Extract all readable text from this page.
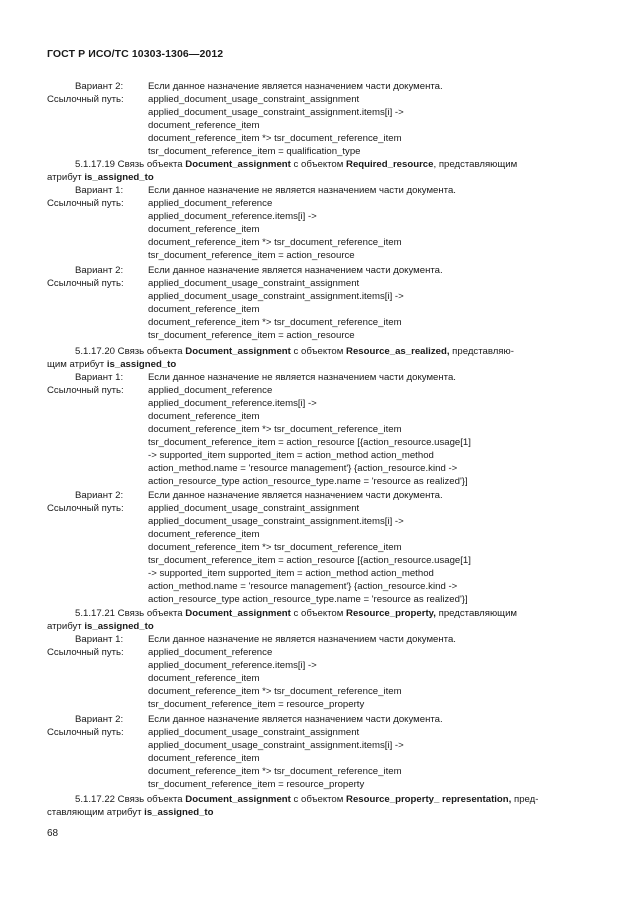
ГОСТ Р ИСО/ТС 10303-1306—2012
Вариант 2:	Если данное назначение является назначением части документа.
Ссылочный путь:	applied_document_usage_constraint_assignment
applied_document_usage_constraint_assignment.items[i] ->
document_reference_item
document_reference_item *> tsr_document_reference_item
tsr_document_reference_item = qualification_type
5.1.17.19 Связь объекта Document_assignment с объектом Required_resource, представляющим
атрибут is_assigned_to
Вариант 1:	Если данное назначение не является назначением части документа.
Ссылочный путь:	applied_document_reference
applied_document_reference.items[i] ->
document_reference_item
document_reference_item *> tsr_document_reference_item
tsr_document_reference_item = action_resource
Вариант 2:	Если данное назначение является назначением части документа.
Ссылочный путь:	applied_document_usage_constraint_assignment
applied_document_usage_constraint_assignment.items[i] ->
document_reference_item
document_reference_item *> tsr_document_reference_item
tsr_document_reference_item = action_resource
5.1.17.20 Связь объекта Document_assignment с объектом Resource_as_realized, представляю-
щим атрибут is_assigned_to
Вариант 1:	Если данное назначение не является назначением части документа.
Ссылочный путь:	applied_document_reference
applied_document_reference.items[i] ->
document_reference_item
document_reference_item *> tsr_document_reference_item
tsr_document_reference_item = action_resource [{action_resource.usage[1]
-> supported_item supported_item = action_method action_method
action_method.name = 'resource management'} {action_resource.kind ->
action_resource_type action_resource_type.name = 'resource as realized'}]
Вариант 2:	Если данное назначение является назначением части документа.
Ссылочный путь:	applied_document_usage_constraint_assignment
applied_document_usage_constraint_assignment.items[i] ->
document_reference_item
document_reference_item *> tsr_document_reference_item
tsr_document_reference_item = action_resource [{action_resource.usage[1]
-> supported_item supported_item = action_method action_method
action_method.name = 'resource management'} {action_resource.kind ->
action_resource_type action_resource_type.name = 'resource as realized'}]
5.1.17.21 Связь объекта Document_assignment с объектом Resource_property, представляющим
атрибут is_assigned_to
Вариант 1:	Если данное назначение не является назначением части документа.
Ссылочный путь:	applied_document_reference
applied_document_reference.items[i] ->
document_reference_item
document_reference_item *> tsr_document_reference_item
tsr_document_reference_item = resource_property
Вариант 2:	Если данное назначение является назначением части документа.
Ссылочный путь:	applied_document_usage_constraint_assignment
applied_document_usage_constraint_assignment.items[i] ->
document_reference_item
document_reference_item *> tsr_document_reference_item
tsr_document_reference_item = resource_property
5.1.17.22 Связь объекта Document_assignment с объектом Resource_property_ representation, пред-
ставляющим атрибут is_assigned_to
68
